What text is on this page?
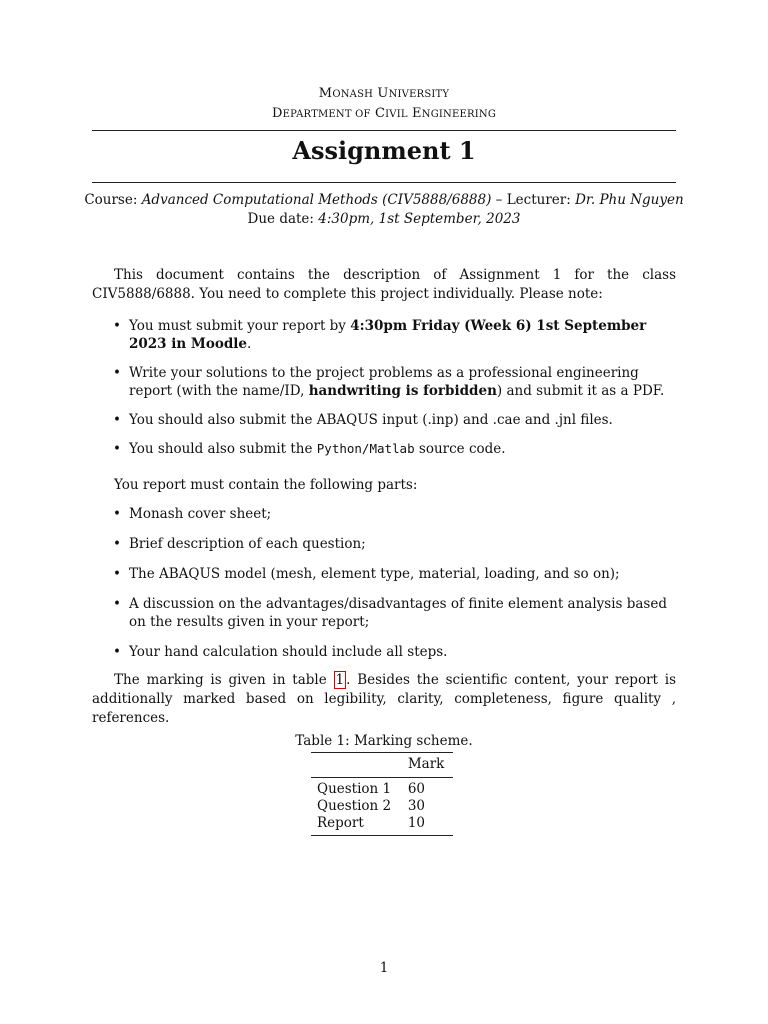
MONASH UNIVERSITY
DEPARTMENT OF CIVIL ENGINEERING
Assignment 1
Course: Advanced Computational Methods (CIV5888/6888) – Lecturer: Dr. Phu Nguyen
Due date: 4:30pm, 1st September, 2023
This document contains the description of Assignment 1 for the class CIV5888/6888. You need to complete this project individually. Please note:
• You must submit your report by 4:30pm Friday (Week 6) 1st September 2023 in Moodle.
• Write your solutions to the project problems as a professional engineering report (with the name/ID, handwriting is forbidden) and submit it as a PDF.
• You should also submit the ABAQUS input (.inp) and .cae and .jnl files.
• You should also submit the Python/Matlab source code.
You report must contain the following parts:
• Monash cover sheet;
• Brief description of each question;
• The ABAQUS model (mesh, element type, material, loading, and so on);
• A discussion on the advantages/disadvantages of finite element analysis based on the results given in your report;
• Your hand calculation should include all steps.
The marking is given in table 1 . Besides the scientific content, your report is additionally marked based on legibility, clarity, completeness, figure quality , references.
Table 1: Marking scheme.
	Mark
Question 1	60
Question 2	30
Report	10
1
